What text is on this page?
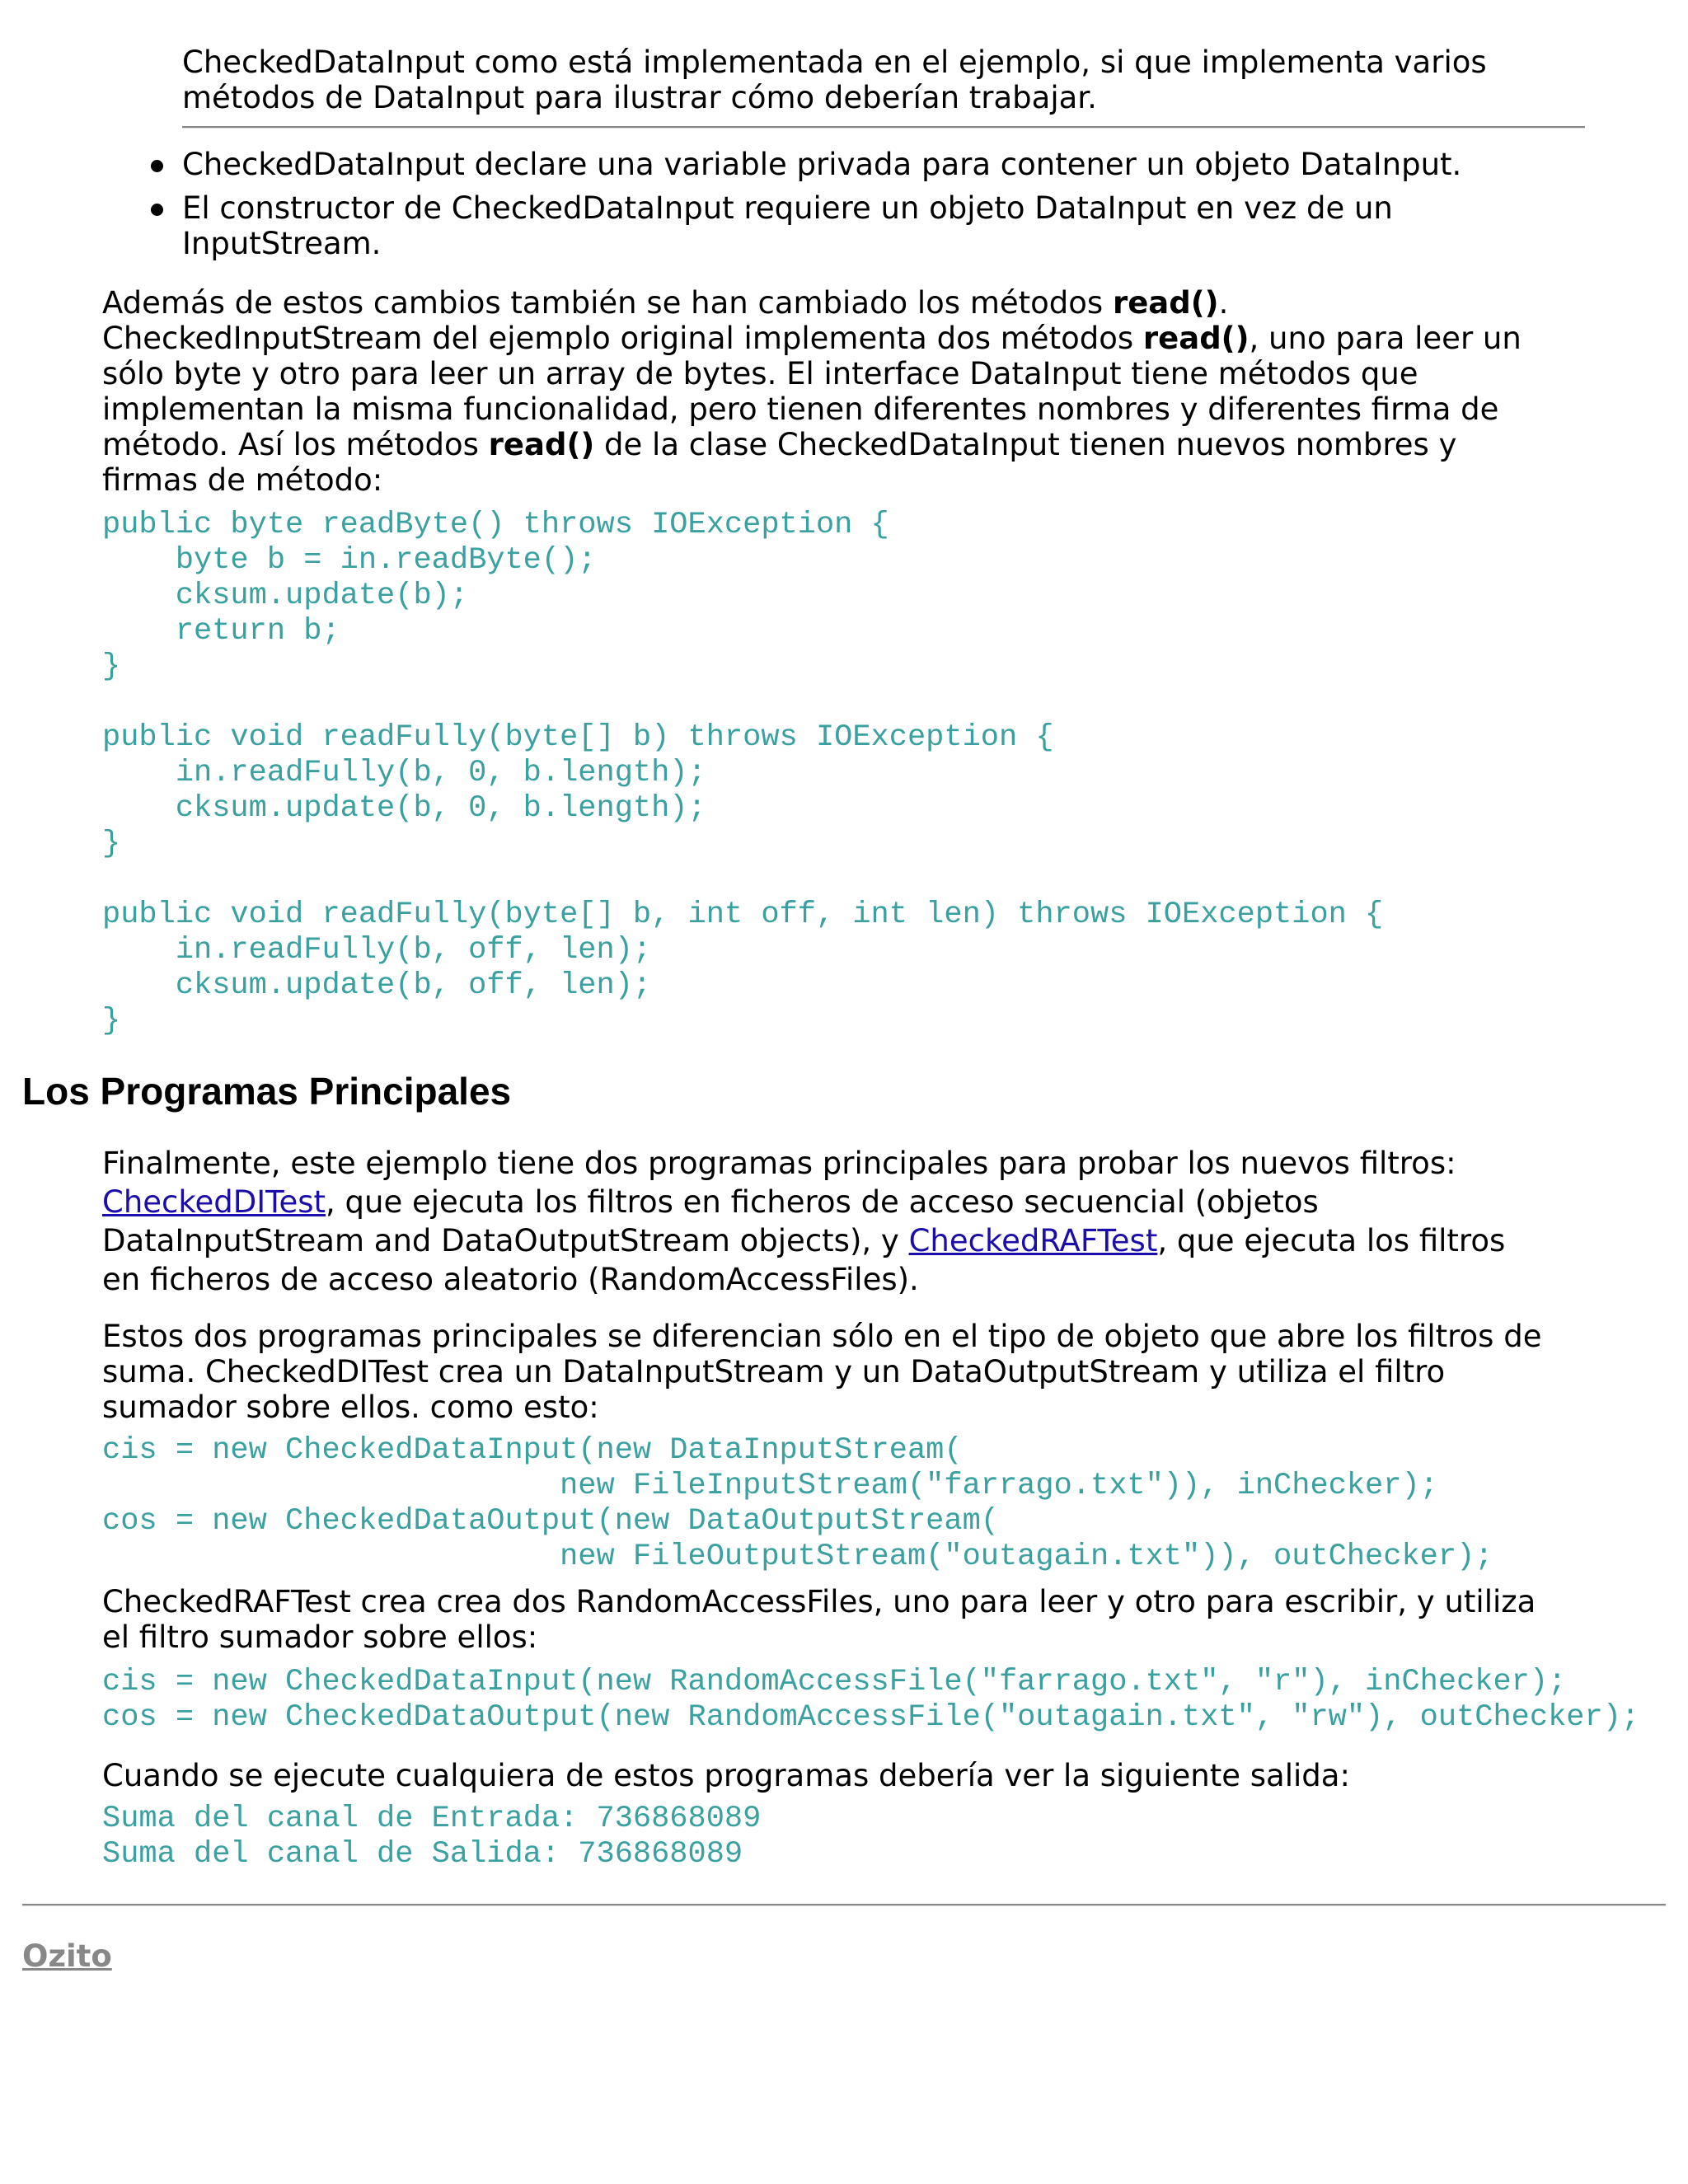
CheckedDataInput como está implementada en el ejemplo, si que implementa varios

métodos de DataInput para ilustrar cómo deberían trabajar.

CheckedDataInput declare una variable privada para contener un objeto DataInput.

El constructor de CheckedDataInput requiere un objeto DataInput en vez de un

InputStream.

Además de estos cambios también se han cambiado los métodos read().

CheckedInputStream del ejemplo original implementa dos métodos read(), uno para leer un

sólo byte y otro para leer un array de bytes. El interface DataInput tiene métodos que

implementan la misma funcionalidad, pero tienen diferentes nombres y diferentes firma de

método. Así los métodos read() de la clase CheckedDataInput tienen nuevos nombres y

firmas de método:

public byte readByte() throws IOException {
byte b = in.readByte();
cksum.update(b);
return b;
}

public void readFully(byte[] b) throws IOException {
in.readFully(b, 0, b.length);
cksum.update(b, 0, b.length);
}

public void readFully(byte[] b, int off, int len) throws IOException {
in.readFully(b, off, len);
cksum.update(b, off, len);
}
Los Programas Principales

Finalmente, este ejemplo tiene dos programas principales para probar los nuevos filtros:

CheckedDITest, que ejecuta los filtros en ficheros de acceso secuencial (objetos

DataInputStream and DataOutputStream objects), y CheckedRAFTest, que ejecuta los filtros

en ficheros de acceso aleatorio (RandomAccessFiles).

Estos dos programas principales se diferencian sólo en el tipo de objeto que abre los filtros de

suma. CheckedDITest crea un DataInputStream y un DataOutputStream y utiliza el filtro

sumador sobre ellos. como esto:

cis = new CheckedDataInput(new DataInputStream(
new FileInputStream("farrago.txt")), inChecker);
cos = new CheckedDataOutput(new DataOutputStream(
new FileOutputStream("outagain.txt")), outChecker);

CheckedRAFTest crea crea dos RandomAccessFiles, uno para leer y otro para escribir, y utiliza

el filtro sumador sobre ellos:

cis = new CheckedDataInput(new RandomAccessFile("farrago.txt", "r"), inChecker);
cos = new CheckedDataOutput(new RandomAccessFile("outagain.txt", "rw"), outChecker);

Cuando se ejecute cualquiera de estos programas debería ver la siguiente salida:

Suma del canal de Entrada: 736868089
Suma del canal de Salida: 736868089
Ozito
